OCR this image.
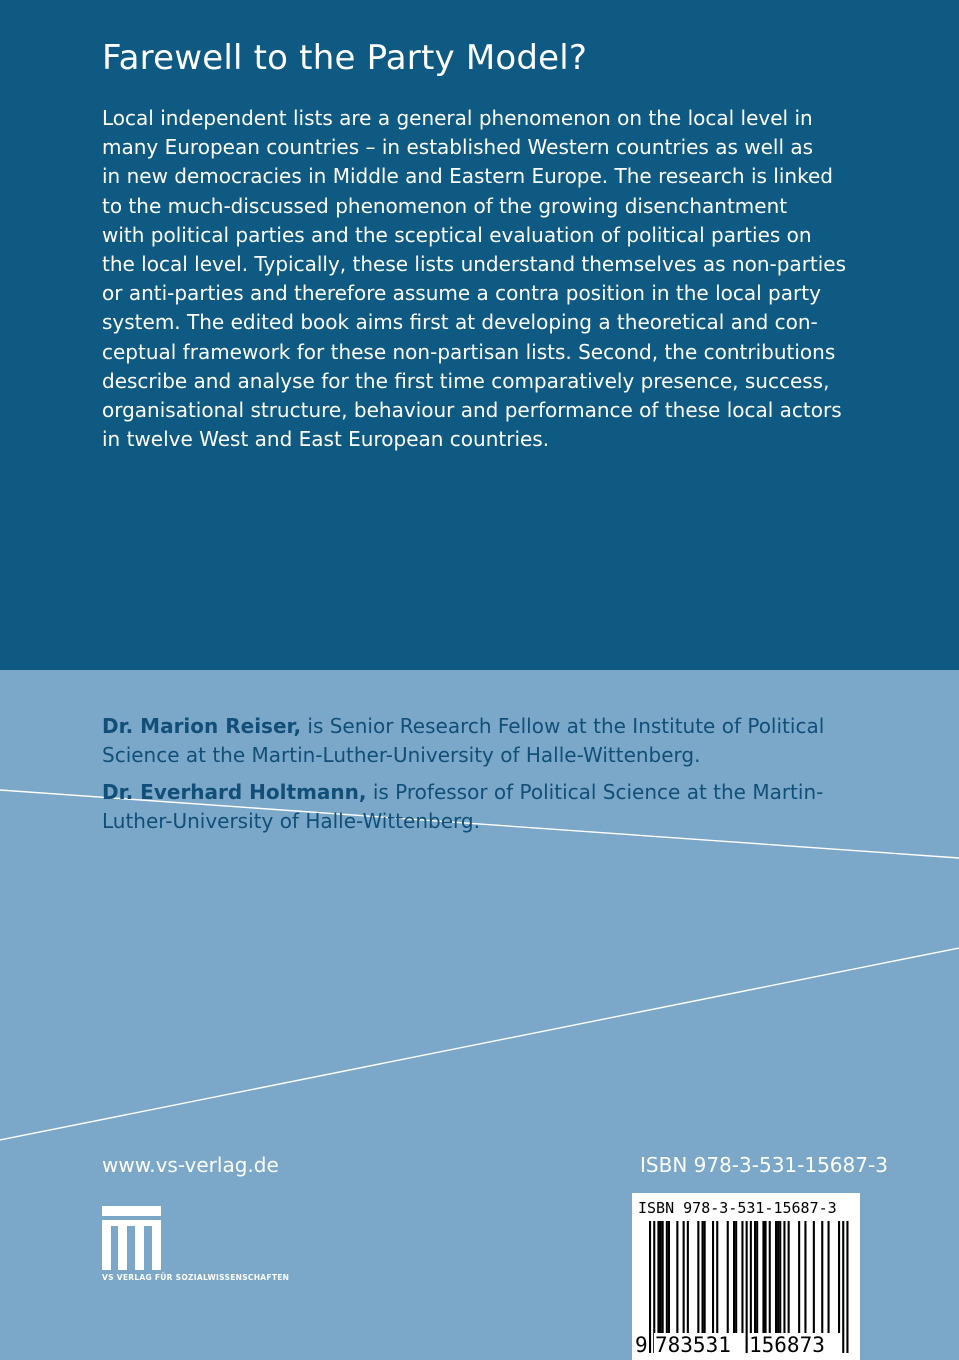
Farewell to the Party Model?

Local independent lists are a general phenomenon on the local level in
many European countries – in established Western countries as well as
in new democracies in Middle and Eastern Europe. The research is linked
to the much-discussed phenomenon of the growing disenchantment
with political parties and the sceptical evaluation of political parties on
the local level. Typically, these lists understand themselves as non-parties
or anti-parties and therefore assume a contra position in the local party
system. The edited book aims first at developing a theoretical and con-
ceptual framework for these non-partisan lists. Second, the contributions
describe and analyse for the first time comparatively presence, success,
organisational structure, behaviour and performance of these local actors
in twelve West and East European countries.

Dr. Marion Reiser, is Senior Research Fellow at the Institute of Political
Science at the Martin-Luther-University of Halle-Wittenberg.

Dr. Everhard Holtmann, is Professor of Political Science at the Martin-
Luther-University of Halle-Wittenberg.

www.vs-verlag.de	ISBN 978-3-531-15687-3
VS VERLAG FÜR SOZIALWISSENSCHAFTEN
ISBN 978-3-531-15687-3
9 783531 156873
